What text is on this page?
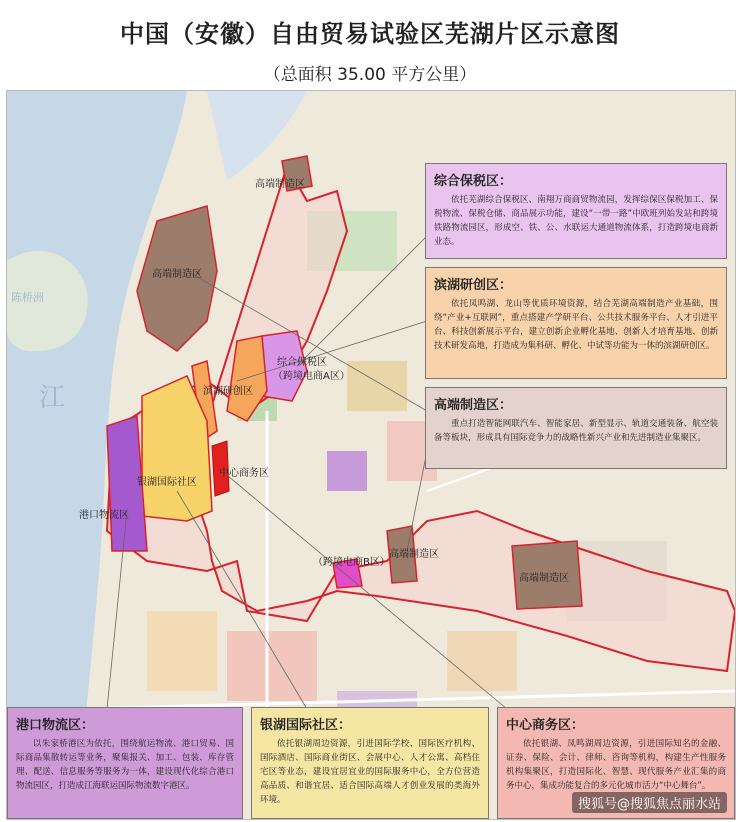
中国（安徽）自由贸易试验区芜湖片区示意图
（总面积 35.00 平方公里）
高端制造区
高端制造区
综合保税区
（跨境电商A区）
滨湖研创区
中心商务区
银湖国际社区
港口物流区
（跨境电商B区）
高端制造区
高端制造区
陈桥洲
江
综合保税区：
依托芜湖综合保税区、南翔万商商贸物流园，发挥综保区保税加工、保税物流、保税仓储、商品展示功能，建设“一带一路”中欧班列始发站和跨境铁路物流园区，形成空、铁、公、水联运大通道物流体系，打造跨境电商新业态。
滨湖研创区：
依托凤鸣湖、龙山等优质环境资源，结合芜湖高端制造产业基础，围绕“产业+互联网”，重点搭建产学研平台、公共技术服务平台、人才引进平台、科技创新展示平台，建立创新企业孵化基地、创新人才培育基地、创新技术研发高地，打造成为集科研、孵化、中试等功能为一体的滨湖研创区。
高端制造区：
重点打造智能网联汽车、智能家居、新型显示、轨道交通装备、航空装备等板块，形成具有国际竞争力的战略性新兴产业和先进制造业集聚区。
港口物流区：
以朱家桥港区为依托，围绕航运物流、港口贸易、国际商品集散转运等业务，聚集报关、加工、包装、库存管理、配送、信息服务等服务为一体，建设现代化综合港口物流园区，打造成江海联运国际物流数字港区。
银湖国际社区：
依托银湖周边资源，引进国际学校、国际医疗机构、国际酒店、国际商业街区、会展中心、人才公寓、高档住宅区等业态，建设宜居宜业的国际服务中心，全方位营造高品质、和谐宜居、适合国际高端人才创业发展的类海外环境。
中心商务区：
依托银湖、凤鸣湖周边资源，引进国际知名的金融、证券、保险、会计、律师、咨询等机构，构建生产性服务机构集聚区，打造国际化、智慧、现代服务产业汇集的商务中心，集成功能复合的多元化城市活力“中心舞台”。
搜狐号@搜狐焦点丽水站
